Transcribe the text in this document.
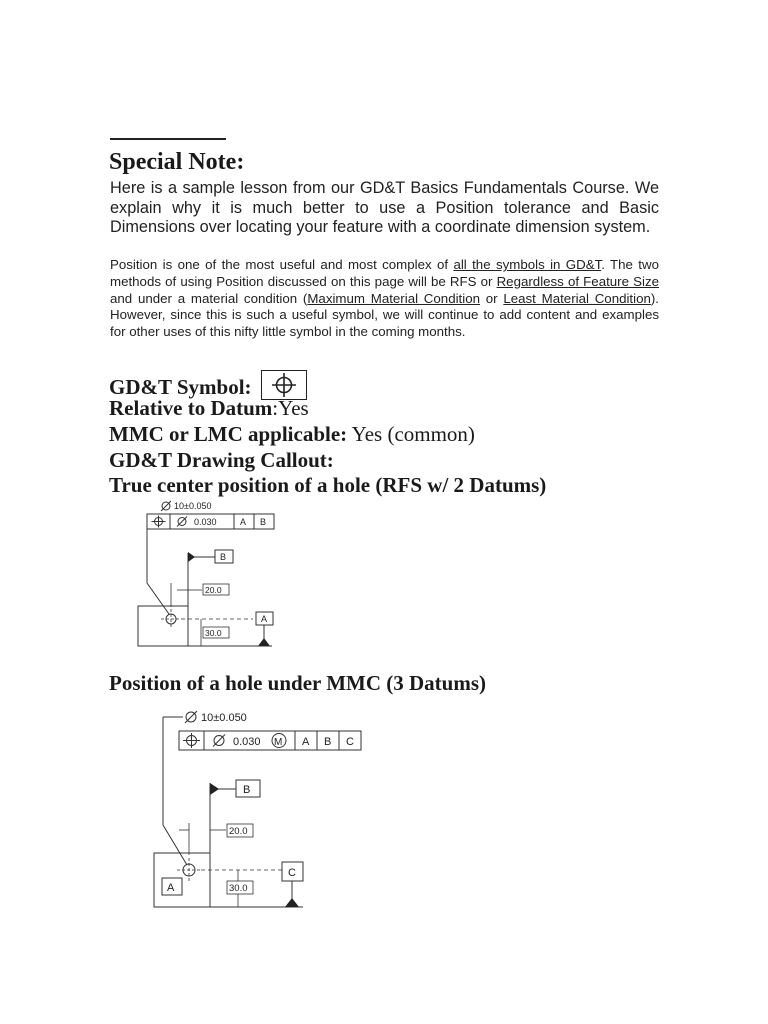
Special Note:

Here is a sample lesson from our GD&T Basics Fundamentals Course. We explain why it is much better to use a Position tolerance and Basic Dimensions over locating your feature with a coordinate dimension system.

Position is one of the most useful and most complex of all the symbols in GD&T. The two methods of using Position discussed on this page will be RFS or Regardless of Feature Size and under a material condition (Maximum Material Condition or Least Material Condition). However, since this is such a useful symbol, we will continue to add content and examples for other uses of this nifty little symbol in the coming months.

GD&T Symbol:
Relative to Datum:Yes
MMC or LMC applicable: Yes (common)
GD&T Drawing Callout:
True center position of a hole (RFS w/ 2 Datums)
10±0.050
0.030	A B
B
20.0
30.0
A
Position of a hole under MMC (3 Datums)
10±0.050
0.030 M A B C
A
B
20.0
30.0
C
